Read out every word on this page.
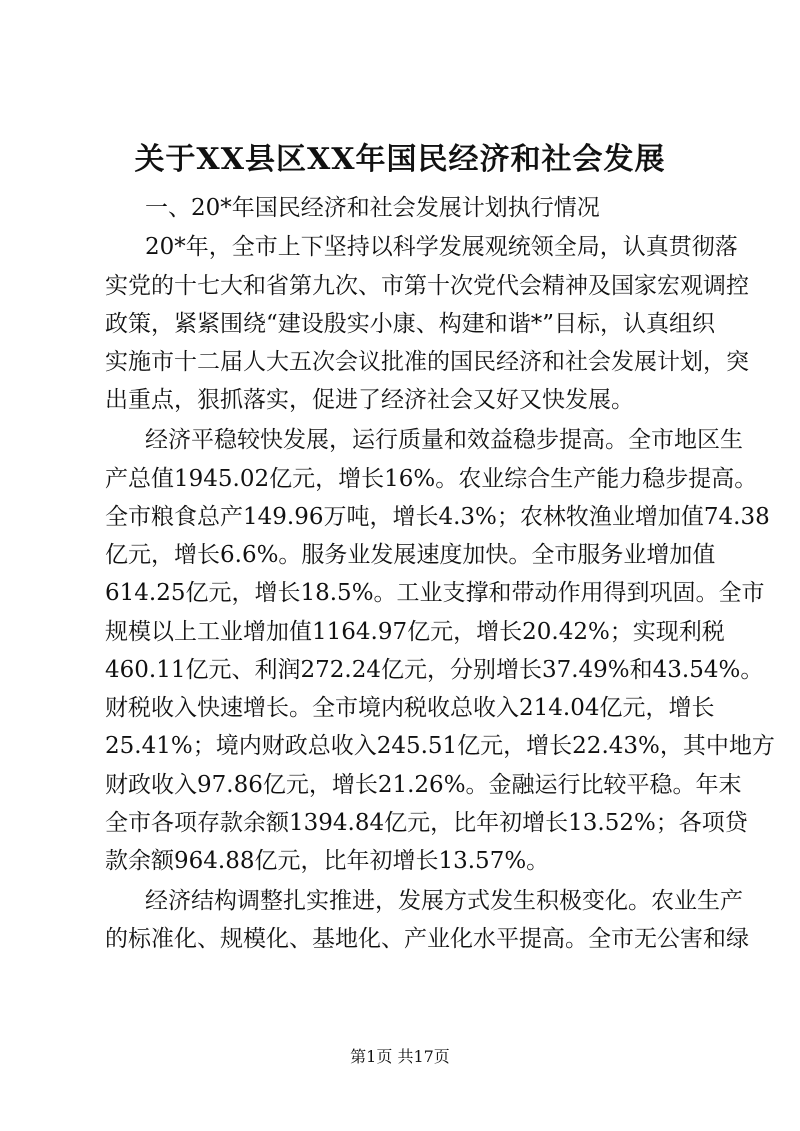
关于XX县区XX年国民经济和社会发展

一、20*年国民经济和社会发展计划执行情况

20*年，全市上下坚持以科学发展观统领全局，认真贯彻落

实党的十七大和省第九次、市第十次党代会精神及国家宏观调控

政策，紧紧围绕“建设殷实小康、构建和谐*”目标，认真组织

实施市十二届人大五次会议批准的国民经济和社会发展计划，突

出重点，狠抓落实，促进了经济社会又好又快发展。

经济平稳较快发展，运行质量和效益稳步提高。全市地区生

产总值1945.02亿元，增长16%。农业综合生产能力稳步提高。

全市粮食总产149.96万吨，增长4.3%；农林牧渔业增加值74.38

亿元，增长6.6%。服务业发展速度加快。全市服务业增加值

614.25亿元，增长18.5%。工业支撑和带动作用得到巩固。全市

规模以上工业增加值1164.97亿元，增长20.42%；实现利税

460.11亿元、利润272.24亿元，分别增长37.49%和43.54%。

财税收入快速增长。全市境内税收总收入214.04亿元，增长

25.41%；境内财政总收入245.51亿元，增长22.43%，其中地方

财政收入97.86亿元，增长21.26%。金融运行比较平稳。年末

全市各项存款余额1394.84亿元，比年初增长13.52%；各项贷

款余额964.88亿元，比年初增长13.57%。

经济结构调整扎实推进，发展方式发生积极变化。农业生产

的标准化、规模化、基地化、产业化水平提高。全市无公害和绿

第1页 共17页
